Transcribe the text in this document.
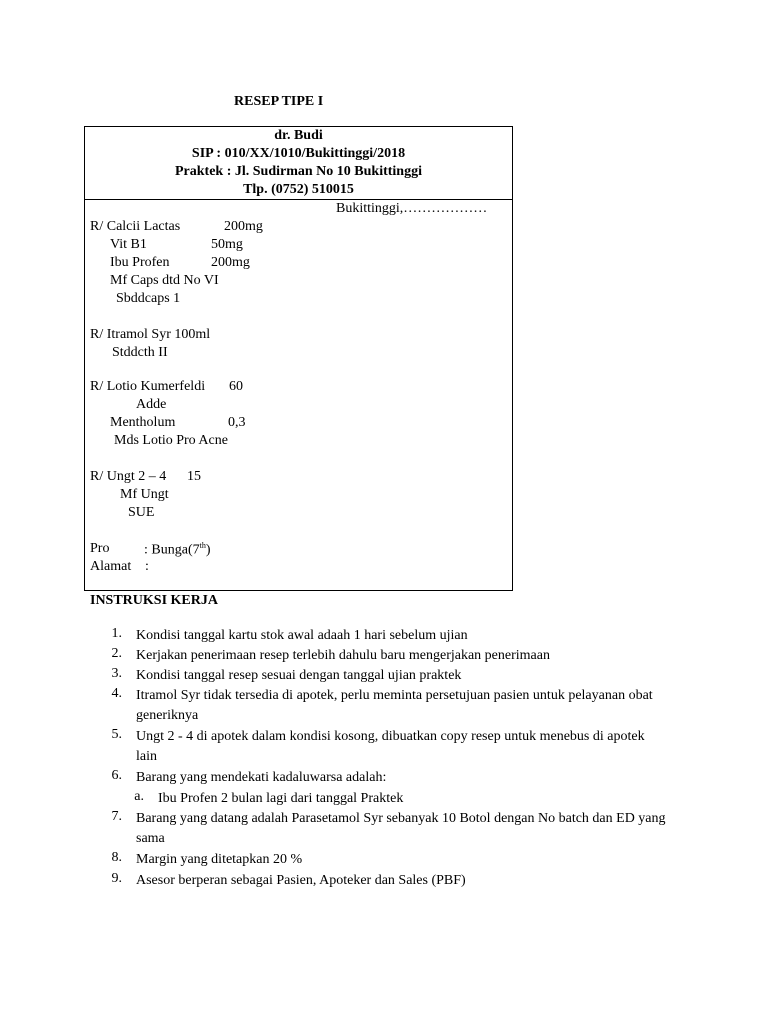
RESEP TIPE I
dr. Budi
SIP : 010/XX/1010/Bukittinggi/2018
Praktek : Jl. Sudirman No 10 Bukittinggi
Tlp. (0752) 510015
Bukittinggi,………………
R/ Calcii Lactas	200mg
Vit B1	50mg
Ibu Profen	200mg
Mf Caps dtd No VI
Sbddcaps 1
R/ Itramol Syr 100ml
Stddcth II
R/ Lotio Kumerfeldi 60
Adde
Mentholum	0,3
Mds Lotio Pro Acne
R/ Ungt 2 – 4 15
Mf Ungt
SUE
Pro : Bunga(7th)
Alamat :
INSTRUKSI KERJA
1. Kondisi tanggal kartu stok awal adaah 1 hari sebelum ujian
2. Kerjakan penerimaan resep terlebih dahulu baru mengerjakan penerimaan
3. Kondisi tanggal resep sesuai dengan tanggal ujian praktek
4. Itramol Syr tidak tersedia di apotek, perlu meminta persetujuan pasien untuk pelayanan obat generiknya
5. Ungt 2 - 4 di apotek dalam kondisi kosong, dibuatkan copy resep untuk menebus di apotek lain
6. Barang yang mendekati kadaluwarsa adalah:
a. Ibu Profen 2 bulan lagi dari tanggal Praktek
7. Barang yang datang adalah Parasetamol Syr sebanyak 10 Botol dengan No batch dan ED yang sama
8. Margin yang ditetapkan 20 %
9. Asesor berperan sebagai Pasien, Apoteker dan Sales (PBF)
